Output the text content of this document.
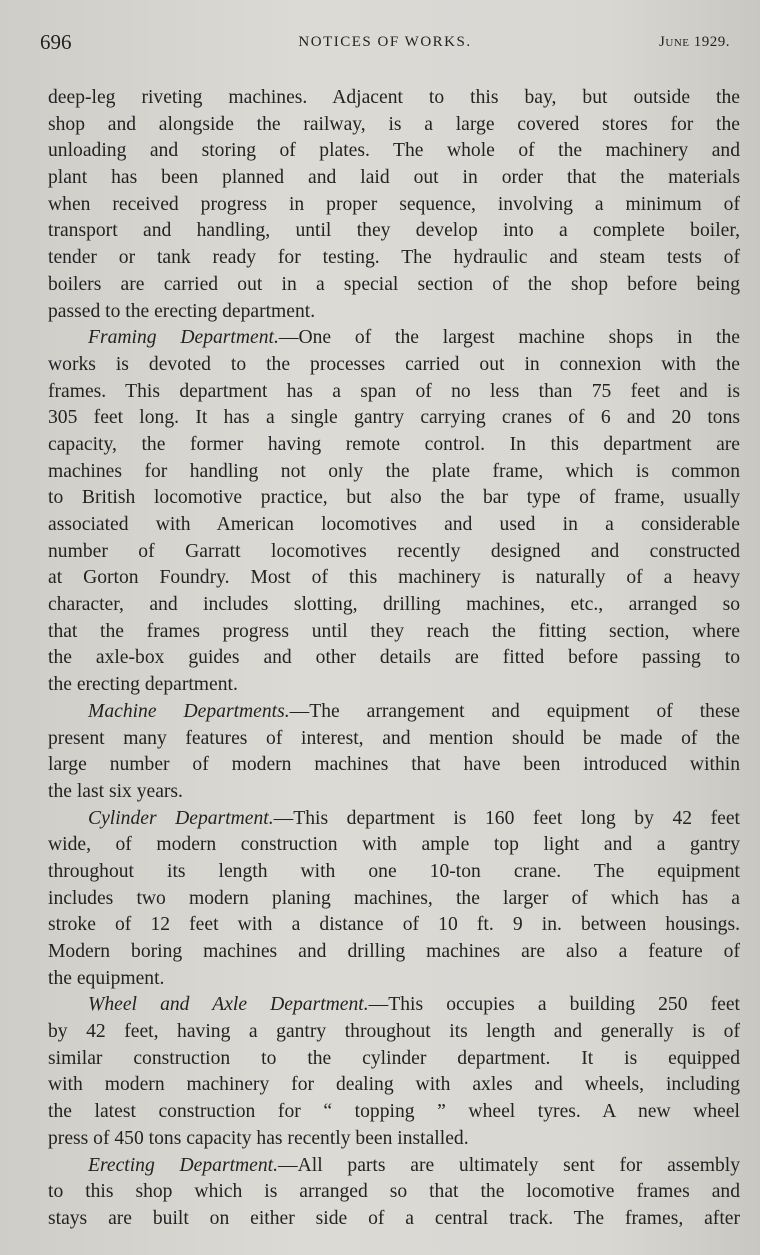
696	NOTICES OF WORKS.	June 1929.
deep-leg riveting machines. Adjacent to this bay, but outside the
shop and alongside the railway, is a large covered stores for the
unloading and storing of plates. The whole of the machinery and
plant has been planned and laid out in order that the materials
when received progress in proper sequence, involving a minimum of
transport and handling, until they develop into a complete boiler,
tender or tank ready for testing. The hydraulic and steam tests of
boilers are carried out in a special section of the shop before being
passed to the erecting department.
Framing Department.—One of the largest machine shops in the
works is devoted to the processes carried out in connexion with the
frames. This department has a span of no less than 75 feet and is
305 feet long. It has a single gantry carrying cranes of 6 and 20 tons
capacity, the former having remote control. In this department are
machines for handling not only the plate frame, which is common
to British locomotive practice, but also the bar type of frame, usually
associated with American locomotives and used in a considerable
number of Garratt locomotives recently designed and constructed
at Gorton Foundry. Most of this machinery is naturally of a heavy
character, and includes slotting, drilling machines, etc., arranged so
that the frames progress until they reach the fitting section, where
the axle-box guides and other details are fitted before passing to
the erecting department.
Machine Departments.—The arrangement and equipment of these
present many features of interest, and mention should be made of the
large number of modern machines that have been introduced within
the last six years.
Cylinder Department.—This department is 160 feet long by 42 feet
wide, of modern construction with ample top light and a gantry
throughout its length with one 10-ton crane. The equipment
includes two modern planing machines, the larger of which has a
stroke of 12 feet with a distance of 10 ft. 9 in. between housings.
Modern boring machines and drilling machines are also a feature of
the equipment.
Wheel and Axle Department.—This occupies a building 250 feet
by 42 feet, having a gantry throughout its length and generally is of
similar construction to the cylinder department. It is equipped
with modern machinery for dealing with axles and wheels, including
the latest construction for “ topping ” wheel tyres. A new wheel
press of 450 tons capacity has recently been installed.
Erecting Department.—All parts are ultimately sent for assembly
to this shop which is arranged so that the locomotive frames and
stays are built on either side of a central track. The frames, after
